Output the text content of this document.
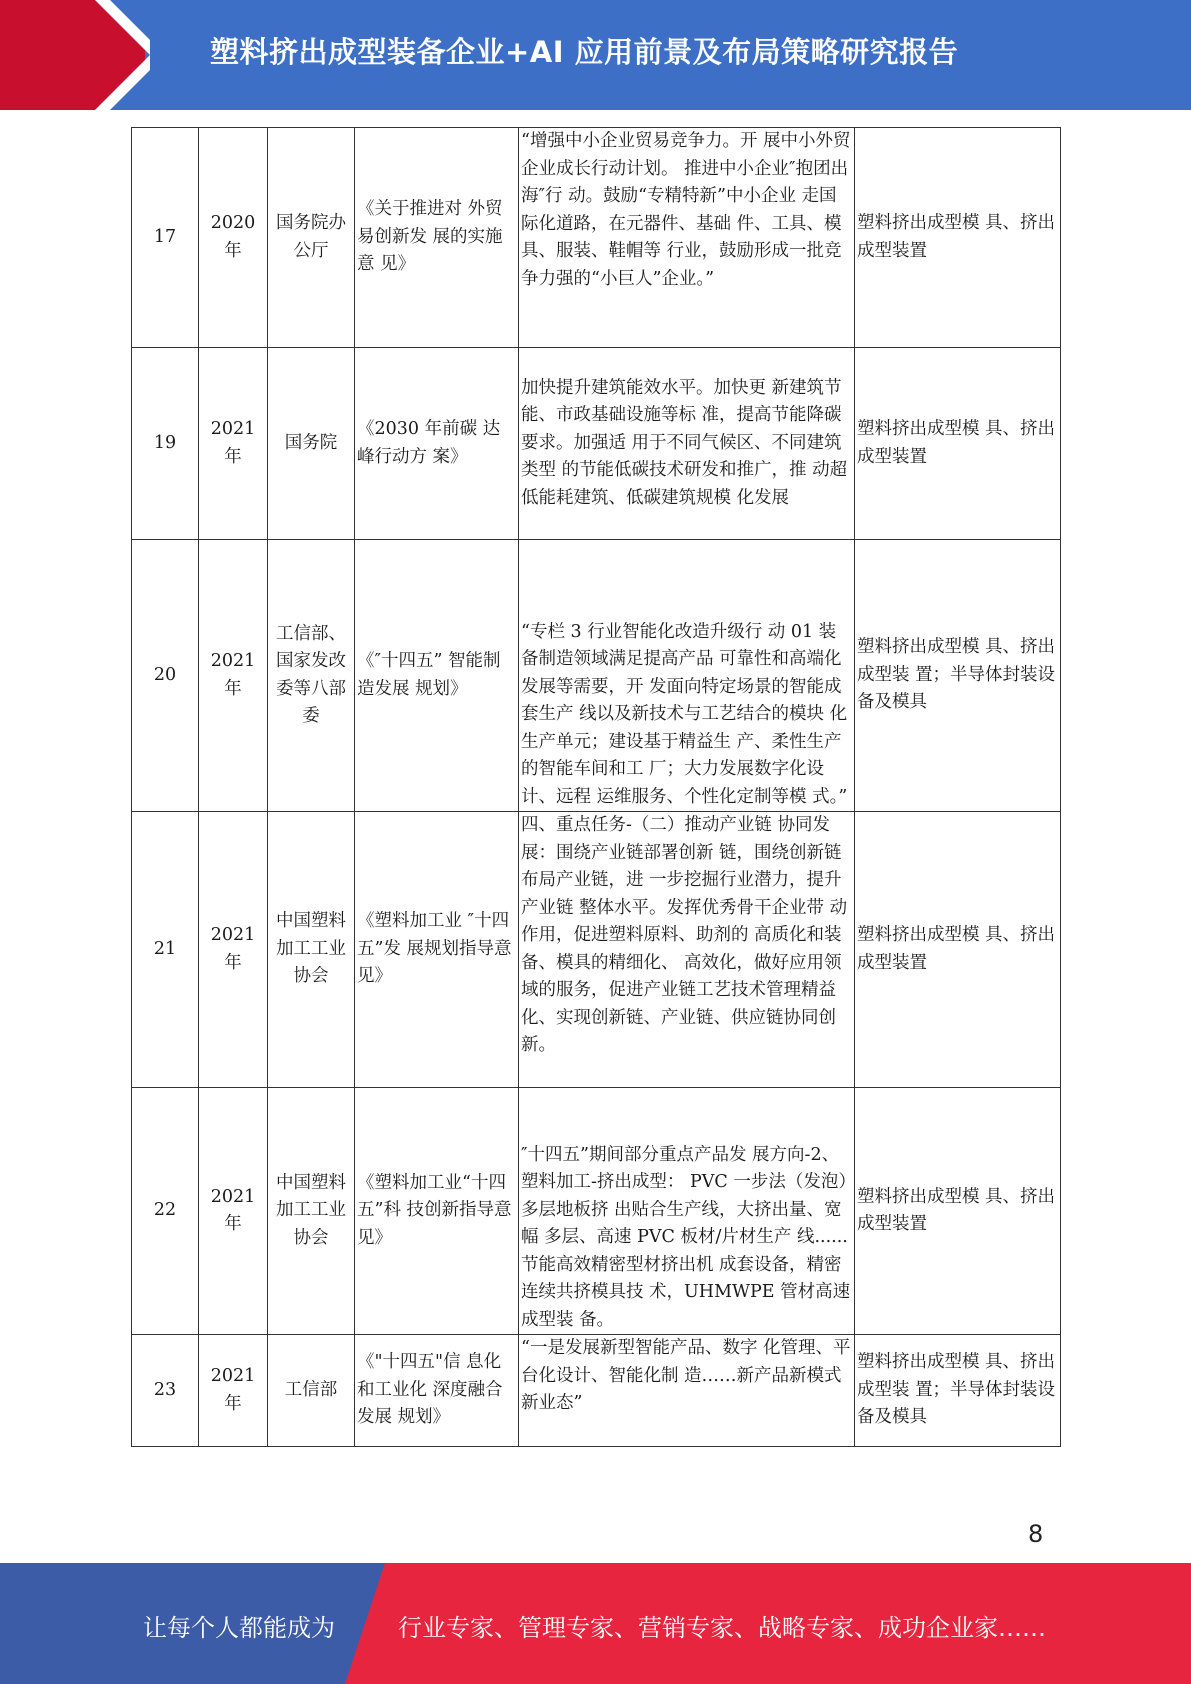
塑料挤出成型装备企业+AI 应用前景及布局策略研究报告
17	2020 年	国务院办公厅	《关于推进对 外贸易创新发 展的实施意 见》	“增强中小企业贸易竞争力。开 展中小外贸企业成长行动计划。 推进中小企业″抱团出海″行 动。鼓励“专精特新”中小企业 走国际化道路，在元器件、基础 件、工具、模具、服装、鞋帽等 行业，鼓励形成一批竞争力强的“小巨人”企业。”	塑料挤出成型模 具、挤出成型装置
19	2021 年	国务院	《2030 年前碳 达峰行动方 案》	加快提升建筑能效水平。加快更 新建筑节能、市政基础设施等标 准，提高节能降碳要求。加强适 用于不同气候区、不同建筑类型 的节能低碳技术研发和推广，推 动超低能耗建筑、低碳建筑规模 化发展	塑料挤出成型模 具、挤出成型装置
20	2021 年	工信部、国家发改委等八部委	《″十四五” 智能制造发展 规划》	“专栏 3 行业智能化改造升级行 动 01 装备制造领域满足提高产品 可靠性和高端化发展等需要，开 发面向特定场景的智能成套生产 线以及新技术与工艺结合的模块 化生产单元；建设基于精益生 产、柔性生产的智能车间和工 厂；大力发展数字化设计、远程 运维服务、个性化定制等模 式。”	塑料挤出成型模 具、挤出成型装 置；半导体封装设 备及模具
21	2021 年	中国塑料加工工业协会	《塑料加工业 ″十四五”发 展规划指导意 见》	四、重点任务-（二）推动产业链 协同发展：围绕产业链部署创新 链，围绕创新链布局产业链，进 一步挖掘行业潜力，提升产业链 整体水平。发挥优秀骨干企业带 动作用，促进塑料原料、助剂的 高质化和装备、模具的精细化、 高效化，做好应用领域的服务，促进产业链工艺技术管理精益 化、实现创新链、产业链、供应链协同创新。	塑料挤出成型模 具、挤出成型装置
22	2021 年	中国塑料加工工业协会	《塑料加工业“十四五”科 技创新指导意 见》	″十四五”期间部分重点产品发 展方向-2、塑料加工-挤出成型： PVC 一步法（发泡）多层地板挤 出贴合生产线，大挤出量、宽幅 多层、高速 PVC 板材/片材生产 线......节能高效精密型材挤出机 成套设备，精密连续共挤模具技 术，UHMWPE 管材高速成型装 备。	塑料挤出成型模 具、挤出成型装置
23	2021 年	工信部	《"十四五"信 息化和工业化 深度融合发展 规划》	“一是发展新型智能产品、数字 化管理、平台化设计、智能化制 造……新产品新模式新业态”	塑料挤出成型模 具、挤出成型装 置；半导体封装设 备及模具
8
让每个人都能成为	行业专家、管理专家、营销专家、战略专家、成功企业家……
